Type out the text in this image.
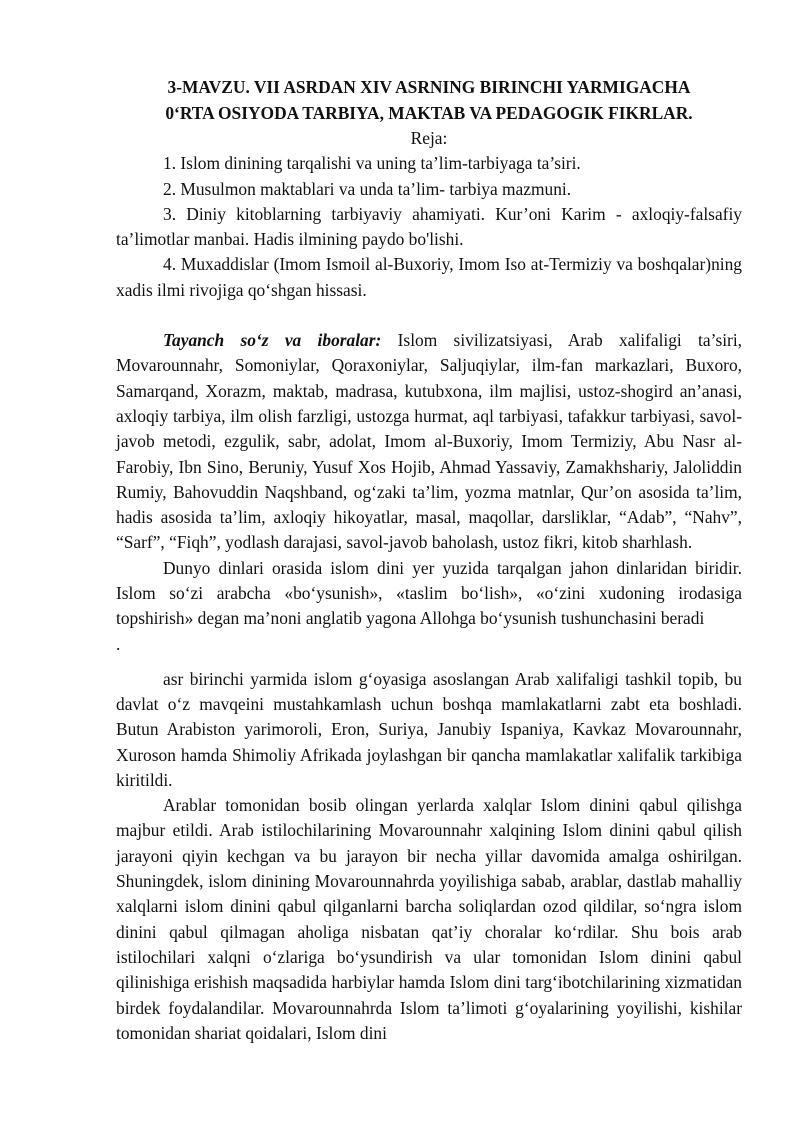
3-MAVZU. VII ASRDAN XIV ASRNING BIRINCHI YARMIGACHA
0‘RTA OSIYODA TARBIYA, MAKTAB VA PEDAGOGIK FIKRLAR.
Reja:

1. Islom dinining tarqalishi va uning ta’lim-tarbiyaga ta’siri.

2. Musulmon maktablari va unda ta’lim- tarbiya mazmuni.

3. Diniy kitoblarning tarbiyaviy ahamiyati. Kur’oni Karim - axloqiy-falsafiy ta’limotlar manbai. Hadis ilmining paydo bo'lishi.

4. Muxaddislar (Imom Ismoil al-Buxoriy, Imom Iso at-Termiziy va boshqalar)ning xadis ilmi rivojiga qo‘shgan hissasi.

Tayanch so‘z va iboralar: Islom sivilizatsiyasi, Arab xalifaligi ta’siri, Movarounnahr, Somoniylar, Qoraxoniylar, Saljuqiylar, ilm-fan markazlari, Buxoro, Samarqand, Xorazm, maktab, madrasa, kutubxona, ilm majlisi, ustoz-shogird an’anasi, axloqiy tarbiya, ilm olish farzligi, ustozga hurmat, aql tarbiyasi, tafakkur tarbiyasi, savol-javob metodi, ezgulik, sabr, adolat, Imom al-Buxoriy, Imom Termiziy, Abu Nasr al-Farobiy, Ibn Sino, Beruniy, Yusuf Xos Hojib, Ahmad Yassaviy, Zamakhshariy, Jaloliddin Rumiy, Bahovuddin Naqshband, og‘zaki ta’lim, yozma matnlar, Qur’on asosida ta’lim, hadis asosida ta’lim, axloqiy hikoyatlar, masal, maqollar, darsliklar, “Adab”, “Nahv”, “Sarf”, “Fiqh”, yodlash darajasi, savol-javob baholash, ustoz fikri, kitob sharhlash.

Dunyo dinlari orasida islom dini yer yuzida tarqalgan jahon dinlaridan biridir. Islom so‘zi arabcha «bo‘ysunish», «taslim bo‘lish», «o‘zini xudoning irodasiga topshirish» degan ma’noni anglatib yagona Allohga bo‘ysunish tushunchasini beradi

.

asr birinchi yarmida islom g‘oyasiga asoslangan Arab xalifaligi tashkil topib, bu davlat o‘z mavqeini mustahkamlash uchun boshqa mamlakatlarni zabt eta boshladi. Butun Arabiston yarimoroli, Eron, Suriya, Janubiy Ispaniya, Kavkaz Movarounnahr, Xuroson hamda Shimoliy Afrikada joylashgan bir qancha mamlakatlar xalifalik tarkibiga kiritildi.

Arablar tomonidan bosib olingan yerlarda xalqlar Islom dinini qabul qilishga majbur etildi. Arab istilochilarining Movarounnahr xalqining Islom dinini qabul qilish jarayoni qiyin kechgan va bu jarayon bir necha yillar davomida amalga oshirilgan. Shuningdek, islom dinining Movarounnahrda yoyilishiga sabab, arablar, dastlab mahalliy xalqlarni islom dinini qabul qilganlarni barcha soliqlardan ozod qildilar, so‘ngra islom dinini qabul qilmagan aholiga nisbatan qat’iy choralar ko‘rdilar. Shu bois arab istilochilari xalqni o‘zlariga bo‘ysundirish va ular tomonidan Islom dinini qabul qilinishiga erishish maqsadida harbiylar hamda Islom dini targ‘ibotchilarining xizmatidan birdek foydalandilar. Movarounnahrda Islom ta’limoti g‘oyalarining yoyilishi, kishilar tomonidan shariat qoidalari, Islom dini
